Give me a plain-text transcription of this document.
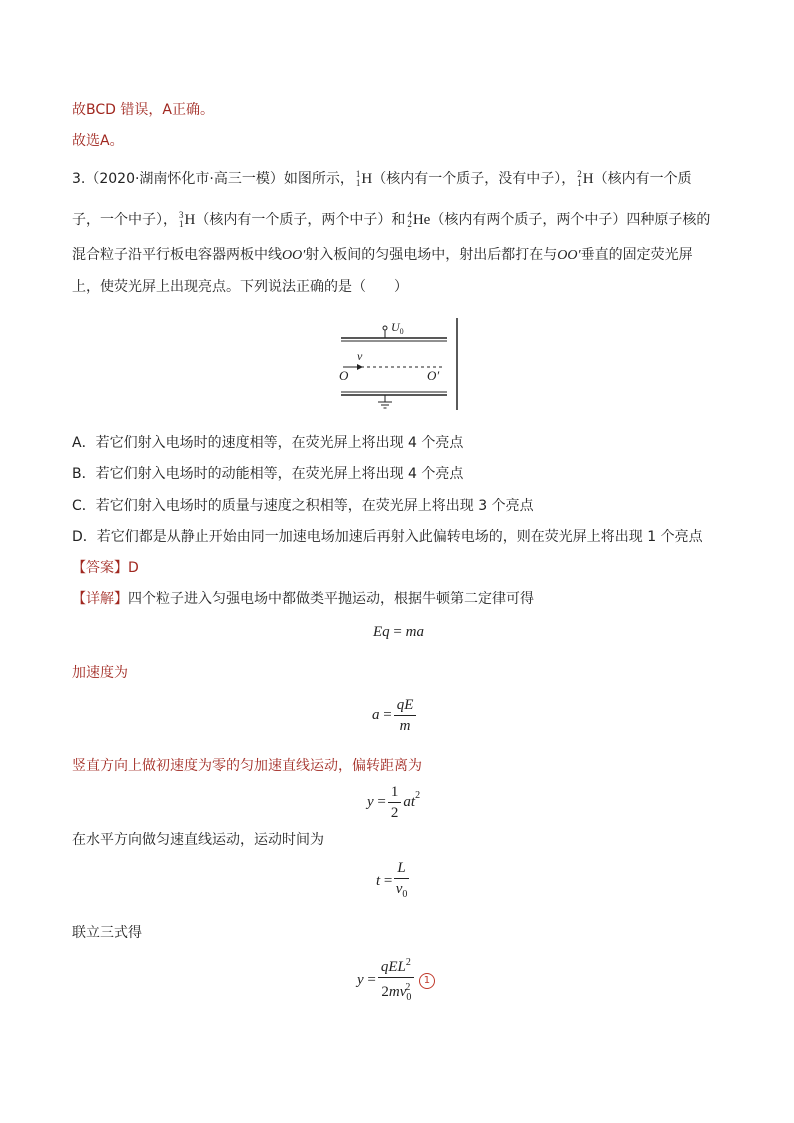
故BCD 错误，A正确。
故选A。
3.（2020·湖南怀化市·高三一模）如图所示， 1
1 H（核内有一个质子，没有中子）， 2
1 H（核内有一个质
子，一个中子）， 3
1 H（核内有一个质子，两个中子）和 4
2 He（核内有两个质子，两个中子）四种原子核的
混合粒子沿平行板电容器两板中线OO′射入板间的匀强电场中，射出后都打在与OO′垂直的固定荧光屏
上，使荧光屏上出现亮点。下列说法正确的是（　　）
$U_0$
v
O	O′
A．若它们射入电场时的速度相等，在荧光屏上将出现 4 个亮点
B．若它们射入电场时的动能相等，在荧光屏上将出现 4 个亮点
C．若它们射入电场时的质量与速度之积相等，在荧光屏上将出现 3 个亮点
D．若它们都是从静止开始由同一加速电场加速后再射入此偏转电场的，则在荧光屏上将出现 1 个亮点
【答案】D
【详解】四个粒子进入匀强电场中都做类平抛运动，根据牛顿第二定律可得
Eq = ma
加速度为
$a = \frac{qE}{m}$
竖直方向上做初速度为零的匀加速直线运动，偏转距离为
$y = \frac{1}{2} at^2$
在水平方向做匀速直线运动，运动时间为
$t = \frac{L}{v_0}$
联立三式得
$y = \frac{qEL^2}{2mv_0^2} 1$
